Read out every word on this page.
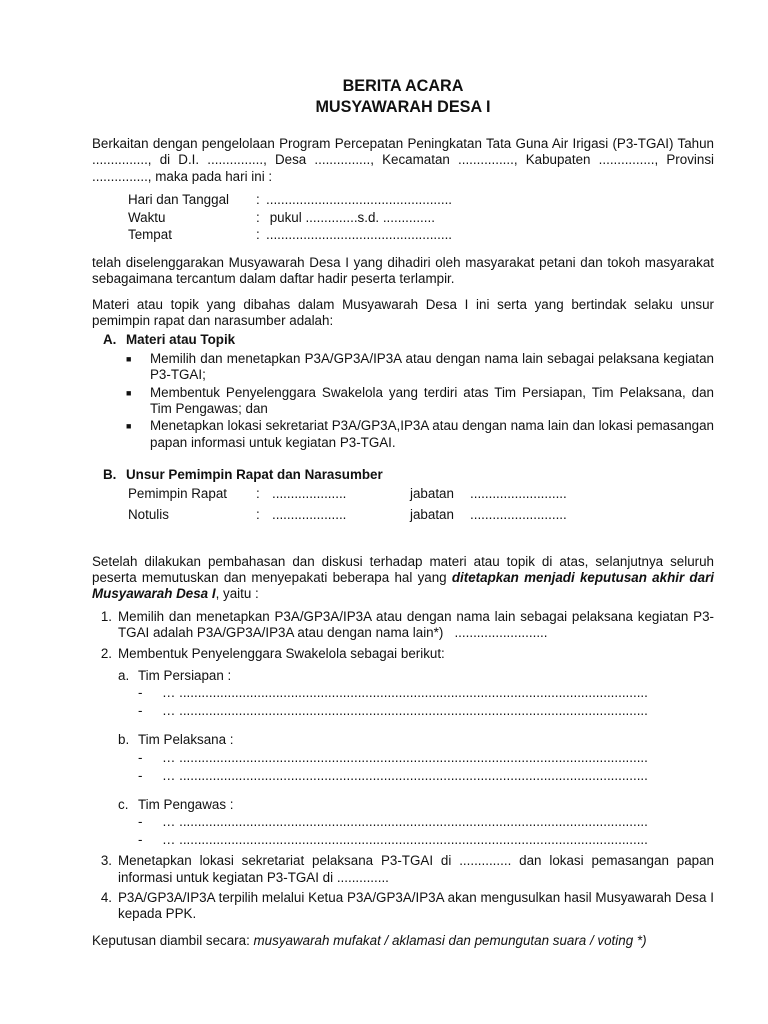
BERITA ACARA
MUSYAWARAH DESA I

Berkaitan dengan pengelolaan Program Percepatan Peningkatan Tata Guna Air Irigasi (P3-TGAI) Tahun ..............., di D.I. ..............., Desa ..............., Kecamatan ..............., Kabupaten ..............., Provinsi ..............., maka pada hari ini :

Hari dan Tanggal	:	..................................................
Waktu	:	pukul ..............s.d. ..............
Tempat	:	..................................................

telah diselenggarakan Musyawarah Desa I yang dihadiri oleh masyarakat petani dan tokoh masyarakat sebagaimana tercantum dalam daftar hadir peserta terlampir.

Materi atau topik yang dibahas dalam Musyawarah Desa I ini serta yang bertindak selaku unsur pemimpin rapat dan narasumber adalah:

A. Materi atau Topik
■	Memilih dan menetapkan P3A/GP3A/IP3A atau dengan nama lain sebagai pelaksana kegiatan P3-TGAI;
■	Membentuk Penyelenggara Swakelola yang terdiri atas Tim Persiapan, Tim Pelaksana, dan Tim Pengawas; dan
■	Menetapkan lokasi sekretariat P3A/GP3A,IP3A atau dengan nama lain dan lokasi pemasangan papan informasi untuk kegiatan P3-TGAI.
B. Unsur Pemimpin Rapat dan Narasumber
Pemimpin Rapat	:	....................	jabatan	..........................
Notulis	:	....................	jabatan	..........................

Setelah dilakukan pembahasan dan diskusi terhadap materi atau topik di atas, selanjutnya seluruh peserta memutuskan dan menyepakati beberapa hal yang ditetapkan menjadi keputusan akhir dari Musyawarah Desa I, yaitu :

1. Memilih dan menetapkan P3A/GP3A/IP3A atau dengan nama lain sebagai pelaksana kegiatan P3-TGAI adalah P3A/GP3A/IP3A atau dengan nama lain*)   .........................
2. Membentuk Penyelenggara Swakelola sebagai berikut:
a. Tim Persiapan :
-	… ..............................................................................................................................
-	… ..............................................................................................................................
b. Tim Pelaksana :
-	… ..............................................................................................................................
-	… ..............................................................................................................................
c. Tim Pengawas :
-	… ..............................................................................................................................
-	… ..............................................................................................................................
3. Menetapkan lokasi sekretariat pelaksana P3-TGAI di .............. dan lokasi pemasangan papan informasi untuk kegiatan P3-TGAI di ..............
4. P3A/GP3A/IP3A terpilih melalui Ketua P3A/GP3A/IP3A akan mengusulkan hasil Musyawarah Desa I kepada PPK.

Keputusan diambil secara: musyawarah mufakat / aklamasi dan pemungutan suara / voting *)
